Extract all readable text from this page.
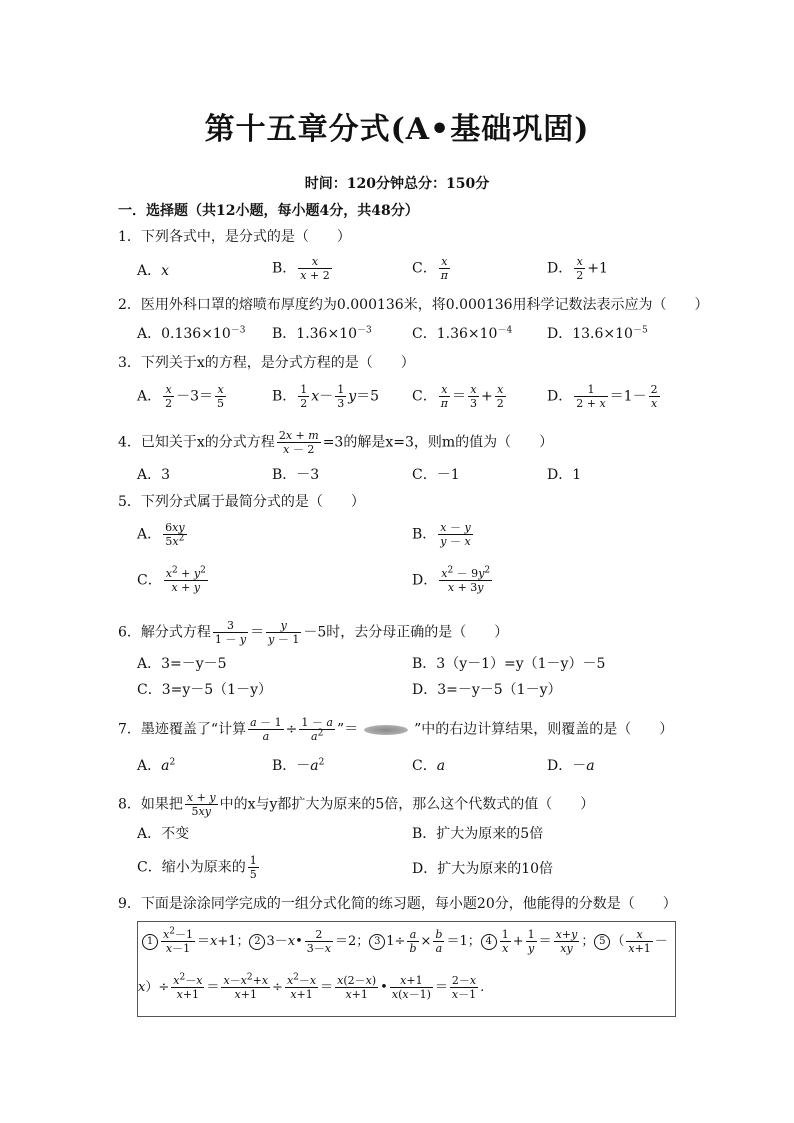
第十五章分式(A•基础巩固)
时间：120分钟总分：150分
一．选择题（共12小题，每小题4分，共48分）
1．下列各式中，是分式的是（　　）
A．x	B． $\frac{x}{x + 2}$	C． $\frac{x}{\pi}$	D． $\frac{x}{2} +1$
2．医用外科口罩的熔喷布厚度约为0.000136米，将0.000136用科学记数法表示应为（　　）
A．$0.136\times 10^{-3}$ B．$1.36\times 10^{-3}$	C．$1.36\times 10^{-4}$ D．$13.6\times 10^{-5}$
3．下列关于x的方程，是分式方程的是（　　）
A． $\frac{x}{2} -3= \frac{x}{5}$	B． $\frac{1}{2} x- \frac{1}{3} y=5$ C． $\frac{x}{\pi} = \frac{x}{3} + \frac{x}{2}$	D． $\frac{1}{2 + x} =1- \frac{2}{x}$
4．已知关于x的分式方程 $\frac{2x + m}{x - 2} =3$的解是x=3，则m的值为（　　）
A．3	B．－3	C．－1	D．1
5．下列分式属于最简分式的是（　　）
A． $\frac{6xy}{5x^2}$	B． $\frac{x - y}{y - x}$
C． $\frac{x^2 + y^2}{x + y}$	D． $\frac{x^2 - 9y^2}{x + 3y}$
6．解分式方程 $\frac{3}{1 - y} = \frac{y}{y - 1} -5$时，去分母正确的是（　　）
A．3=－y－5	B．3（y－1）=y（1－y）－5
C．3=y－5（1－y）	D．3=－y－5（1－y）
7．墨迹覆盖了“计算 $\frac{a - 1}{a} \div \frac{1 - a}{a^2}$ ”＝	”中的右边计算结果，则覆盖的是（　　）
A．$a^2$	B．$-a^2$	C．a	D．－a
8．如果把 $\frac{x + y}{5xy}$ 中的x与y都扩大为原来的5倍，那么这个代数式的值（　　）
A．不变	B．扩大为原来的5倍
C．缩小为原来的 $\frac{1}{5}$	D．扩大为原来的10倍
9．下面是涂涂同学完成的一组分式化简的练习题，每小题20分，他能得的分数是（　　）
$1 \frac{x^2-1}{x-1} =x+1$； 2 3－x• $\frac{2}{3-x} =2$； 3 $1\div \frac{a}{b} \times \frac{b}{a} =1$； $4 \frac{1}{x} + \frac{1}{y} = \frac{x+y}{xy}$ ； 5 （ $\frac{x}{x+1}$ －
$x)\div \frac{x^2-x}{x+1} = \frac{x-x^2+x}{x+1} \div \frac{x^2-x}{x+1} = \frac{x(2-x)}{x+1}$ • $\frac{x+1}{x(x-1)} = \frac{2-x}{x-1}$ .
